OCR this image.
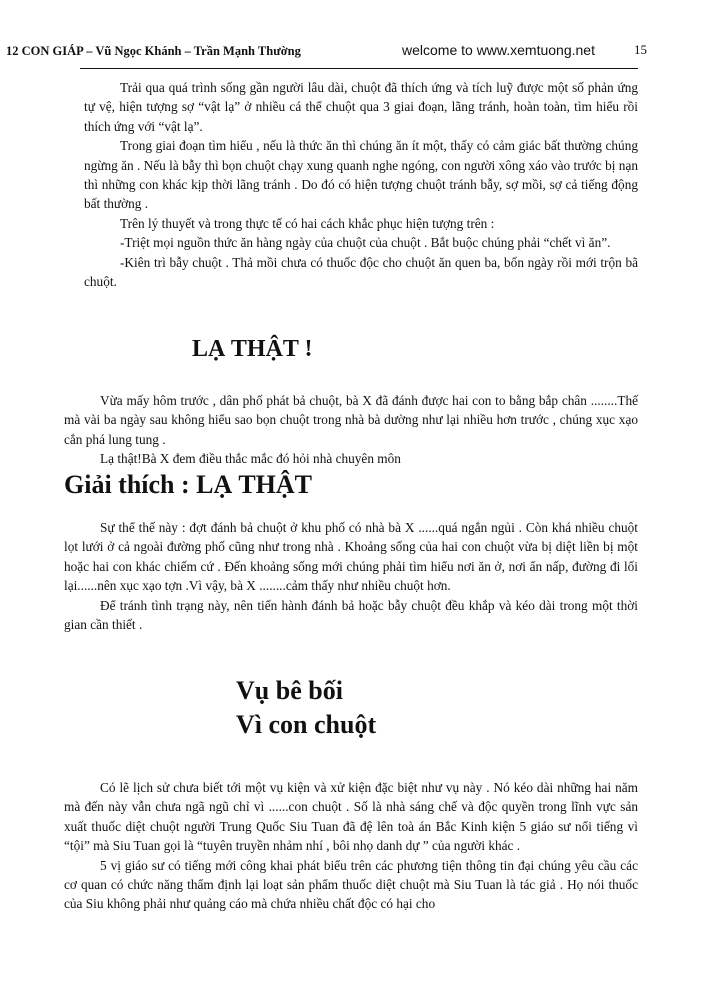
12 CON GIÁP – Vũ Ngọc Khánh – Trần Mạnh Thường	welcome to www.xemtuong.net	15

Trải qua quá trình sống gần người lâu dài, chuột đã thích ứng và tích luỹ được một số phản ứng tự vệ, hiện tượng sợ “vật lạ” ở nhiều cá thể chuột qua 3 giai đoạn, lãng tránh, hoàn toàn, tìm hiểu rồi thích ứng với “vật lạ”.

Trong giai đoạn tìm hiểu , nếu là thức ăn thì chúng ăn ít một, thấy có cảm giác bất thường chúng ngừng ăn . Nếu là bẫy thì bọn chuột chạy xung quanh nghe ngóng, con người xông xáo vào trước bị nạn thì những con khác kịp thời lãng tránh . Do đó có hiện tượng chuột tránh bẫy, sợ mồi, sợ cả tiếng động bất thường .

Trên lý thuyết và trong thực tế có hai cách khắc phục hiện tượng trên :

-Triệt mọi nguồn thức ăn hàng ngày của chuột của chuột . Bắt buộc chúng phải “chết vì ăn”.

-Kiên trì bẫy chuột . Thả mồi chưa có thuốc độc cho chuột ăn quen ba, bốn ngày rồi mới trộn bã chuột.

LẠ THẬT !

Vừa mấy hôm trước , dân phố phát bả chuột, bà X đã đánh được hai con to bằng bắp chân ........Thế mà vài ba ngày sau không hiểu sao bọn chuột trong nhà bà dường như lại nhiều hơn trước , chúng xục xạo cắn phá lung tung .

Lạ thật!Bà X đem điều thắc mắc đó hỏi nhà chuyên môn

Giải thích : LẠ THẬT

Sự thể thế này : đợt đánh bả chuột ở khu phố có nhà bà X ......quá ngắn ngủi . Còn khá nhiều chuột lọt lưới ở cả ngoài đường phố cũng như trong nhà . Khoảng sống của hai con chuột vừa bị diệt liền bị một hoặc hai con khác chiếm cứ . Đến khoảng sống mới chúng phải tìm hiểu nơi ăn ở, nơi ẩn nấp, đường đi lối lại......nên xục xạo tợn .Vì vậy, bà X ........cảm thấy như nhiều chuột hơn.

Để tránh tình trạng này, nên tiến hành đánh bả hoặc bẫy chuột đều khắp và kéo dài trong một thời gian cần thiết .

Vụ bê bối
Vì con chuột

Có lẽ lịch sử chưa biết tới một vụ kiện và xử kiện đặc biệt như vụ này . Nó kéo dài những hai năm mà đến này vẫn chưa ngã ngũ chỉ vì ......con chuột . Số là nhà sáng chế và độc quyền trong lĩnh vực sản xuất thuốc diệt chuột người Trung Quốc Siu Tuan đã đệ lên toà án Bắc Kinh kiện 5 giáo sư nổi tiếng vì “tội” mà Siu Tuan gọi là “tuyên truyền nhảm nhí , bôi nhọ danh dự ” của người khác .

5 vị giáo sư có tiếng mới công khai phát biểu trên các phương tiện thông tin đại chúng yêu cầu các cơ quan có chức năng thẩm định lại loạt sản phẩm thuốc diệt chuột mà Siu Tuan là tác giả . Họ nói thuốc của Siu không phải như quảng cáo mà chứa nhiều chất độc có hại cho
